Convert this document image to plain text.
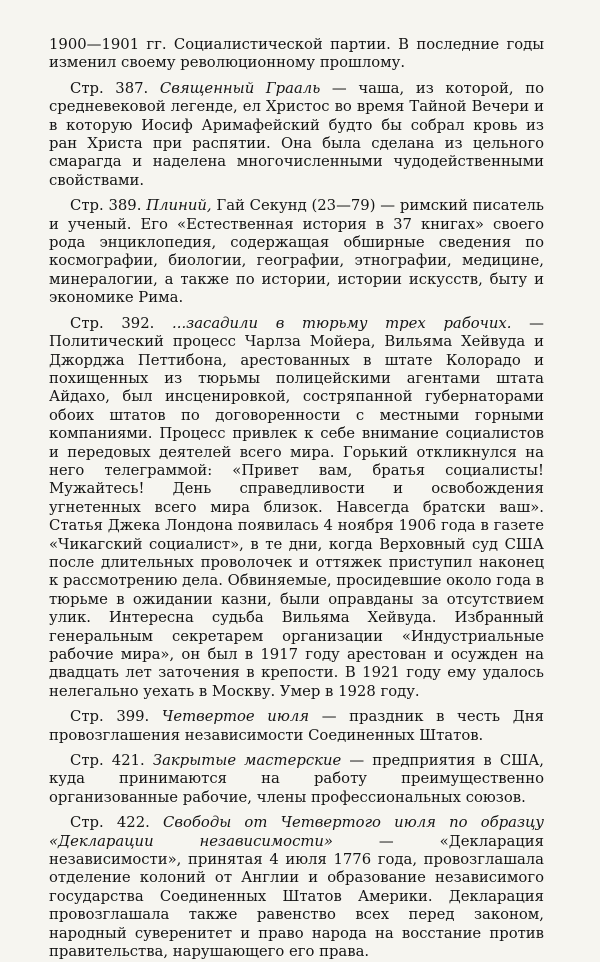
1900—1901 гг. Социалистической партии. В последние годы изменил своему революционному прошлому.

Стр. 387. Священный Грааль — чаша, из которой, по средневековой легенде, ел Христос во время Тайной Вечери и в которую Иосиф Аримафейский будто бы собрал кровь из ран Христа при распятии. Она была сделана из цельного смарагда и наделена многочисленными чудодейственными свойствами.

Стр. 389. Плиний, Гай Секунд (23—79) — римский писатель и ученый. Его «Естественная история в 37 книгах» своего рода энциклопедия, содержащая обширные сведения по космографии, биологии, географии, этнографии, медицине, минералогии, а также по истории, истории искусств, быту и экономике Рима.

Стр. 392. ...засадили в тюрьму трех рабочих. — Политический процесс Чарлза Мойера, Вильяма Хейвуда и Джорджа Петтибона, арестованных в штате Колорадо и похищенных из тюрьмы полицейскими агентами штата Айдахо, был инсценировкой, состряпанной губернаторами обоих штатов по договоренности с местными горными компаниями. Процесс привлек к себе внимание социалистов и передовых деятелей всего мира. Горький откликнулся на него телеграммой: «Привет вам, братья социалисты! Мужайтесь! День справедливости и освобождения угнетенных всего мира близок. Навсегда братски ваш». Статья Джека Лондона появилась 4 ноября 1906 года в газете «Чикагский социалист», в те дни, когда Верховный суд США после длительных проволочек и оттяжек приступил наконец к рассмотрению дела. Обвиняемые, просидевшие около года в тюрьме в ожидании казни, были оправданы за отсутствием улик. Интересна судьба Вильяма Хейвуда. Избранный генеральным секретарем организации «Индустриальные рабочие мира», он был в 1917 году арестован и осужден на двадцать лет заточения в крепости. В 1921 году ему удалось нелегально уехать в Москву. Умер в 1928 году.

Стр. 399. Четвертое июля — праздник в честь Дня провозглашения независимости Соединенных Штатов.

Стр. 421. Закрытые мастерские — предприятия в США, куда принимаются на работу преимущественно организованные рабочие, члены профессиональных союзов.

Стр. 422. Свободы от Четвертого июля по образцу «Декларации независимости» — «Декларация независимости», принятая 4 июля 1776 года, провозглашала отделение колоний от Англии и образование независимого государства Соединенных Штатов Америки. Декларация провозглашала также равенство всех перед законом, народный суверенитет и право народа на восстание против правительства, нарушающего его права.
